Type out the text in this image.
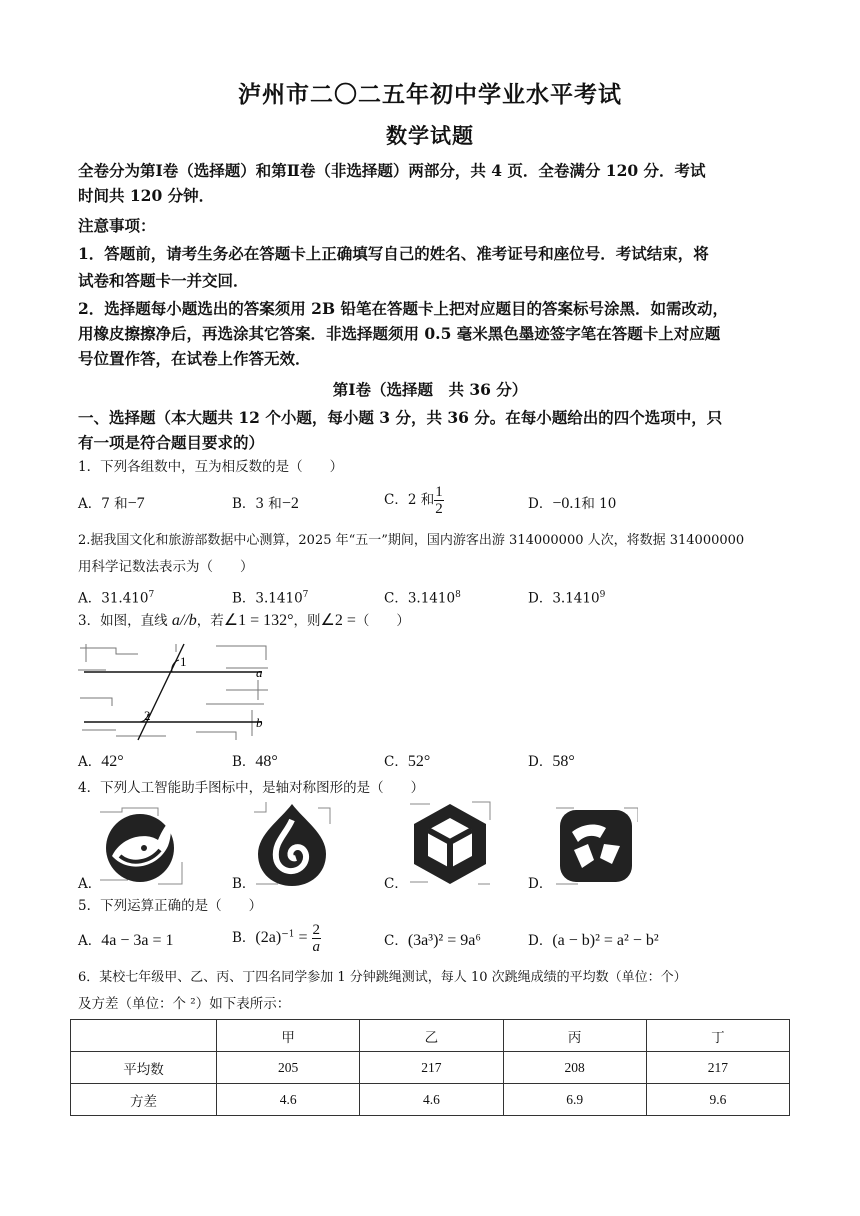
泸州市二〇二五年初中学业水平考试
数学试题
全卷分为第Ⅰ卷（选择题）和第Ⅱ卷（非选择题）两部分，共 4 页．全卷满分 120 分．考试
时间共 120 分钟．
注意事项：
1．答题前，请考生务必在答题卡上正确填写自己的姓名、准考证号和座位号．考试结束，将
试卷和答题卡一并交回．
2．选择题每小题选出的答案须用 2B 铅笔在答题卡上把对应题目的答案标号涂黑．如需改动，
用橡皮擦擦净后，再选涂其它答案．非选择题须用 0.5 毫米黑色墨迹签字笔在答题卡上对应题
号位置作答，在试卷上作答无效．
第Ⅰ卷（选择题　共 36 分）
一、选择题（本大题共 12 个小题，每小题 3 分，共 36 分。在每小题给出的四个选项中，只
有一项是符合题目要求的）
1．下列各组数中，互为相反数的是（　　）
A．7 和−7	B．3 和−2	C．2 和 $\frac{1}{2}$	D．−0.1和 10
2.据我国文化和旅游部数据中心测算，2025 年“五一”期间，国内游客出游 314000000 人次，将数据 314000000
用科学记数法表示为（　　）
A．31.410$^7$	B．3.1410$^7$	C．3.1410$^8$	D．3.1410$^9$
3．如图，直线 a//b，若∠1 = 132°，则∠2 =（　　）
1
2
a
b
A．42°	B．48°	C．52°	D．58°
4．下列人工智能助手图标中，是轴对称图形的是（　　）
A．	B．	C．	D．
5．下列运算正确的是（　　）
A．4a − 3a = 1	B．$(2a)^{-1} = \frac{2}{a}$	C．(3a³)² = 9a⁶	D．(a − b)² = a² − b²
6．某校七年级甲、乙、丙、丁四名同学参加 1 分钟跳绳测试，每人 10 次跳绳成绩的平均数（单位：个）
及方差（单位：个 ²）如下表所示：
	甲	乙	丙	丁
平均数	205	217	208	217
方差	4.6	4.6	6.9	9.6
